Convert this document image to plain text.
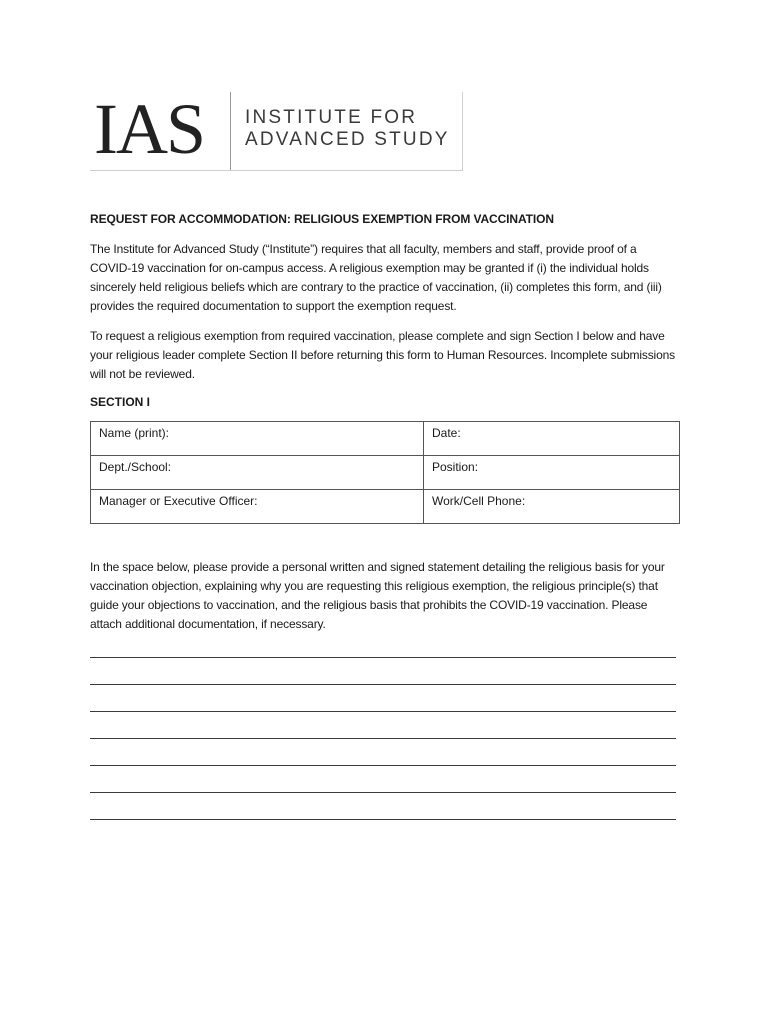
IAS INSTITUTE FOR
ADVANCED STUDY
REQUEST FOR ACCOMMODATION: RELIGIOUS EXEMPTION FROM VACCINATION
The Institute for Advanced Study (“Institute”) requires that all faculty, members and staff, provide proof of a COVID-19 vaccination for on-campus access. A religious exemption may be granted if (i) the individual holds sincerely held religious beliefs which are contrary to the practice of vaccination, (ii) completes this form, and (iii) provides the required documentation to support the exemption request.
To request a religious exemption from required vaccination, please complete and sign Section I below and have your religious leader complete Section II before returning this form to Human Resources. Incomplete submissions will not be reviewed.
SECTION I
Name (print):	Date:
Dept./School:	Position:
Manager or Executive Officer:	Work/Cell Phone:
In the space below, please provide a personal written and signed statement detailing the religious basis for your vaccination objection, explaining why you are requesting this religious exemption, the religious principle(s) that guide your objections to vaccination, and the religious basis that prohibits the COVID-19 vaccination. Please attach additional documentation, if necessary.
